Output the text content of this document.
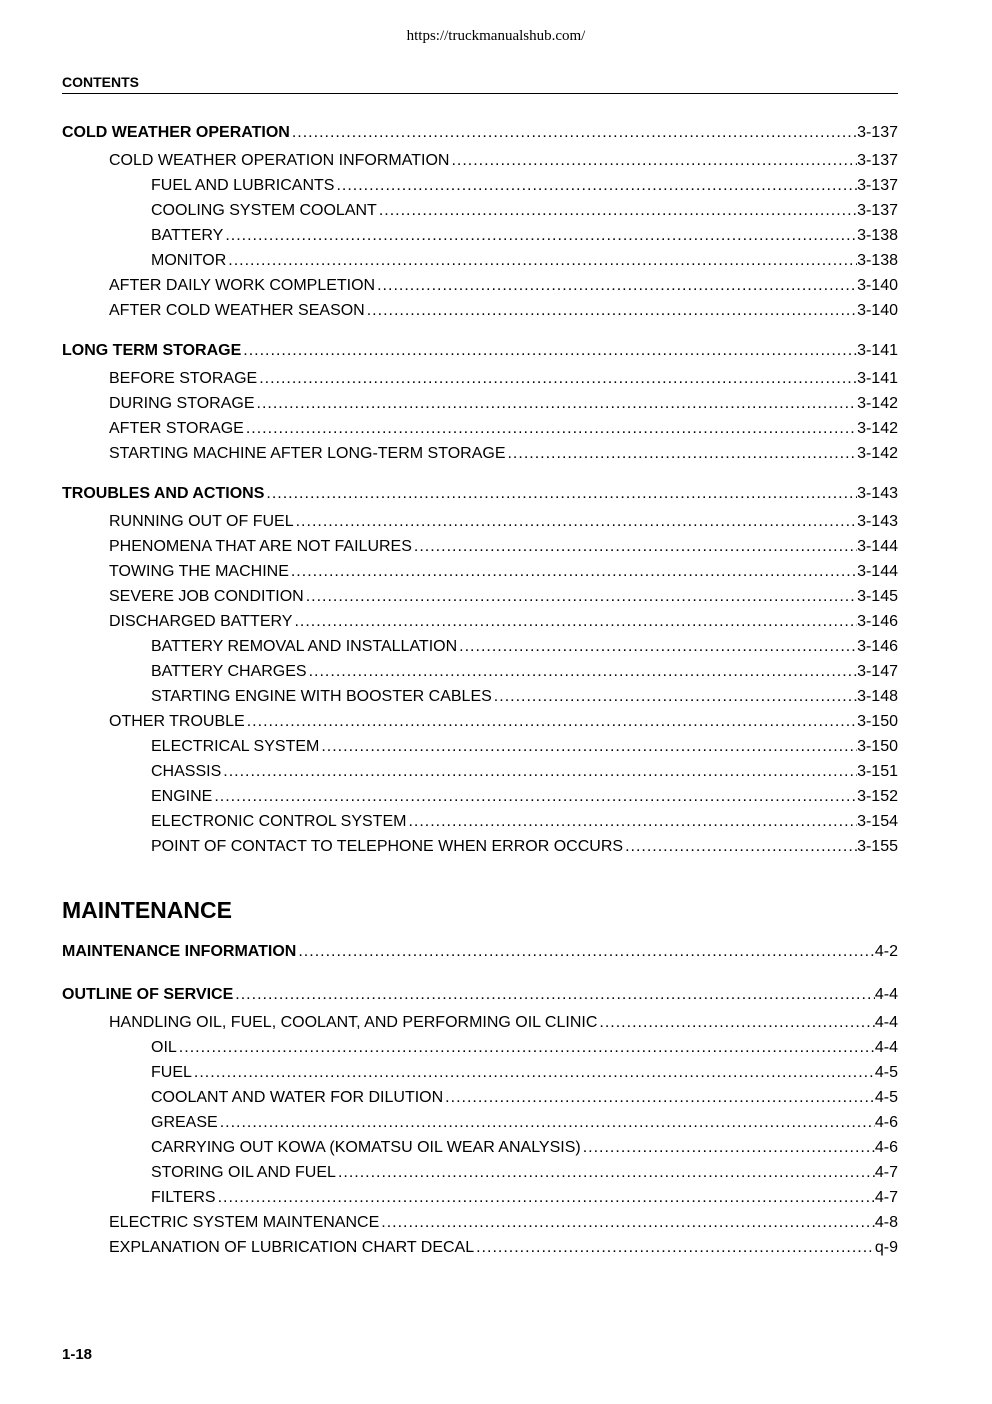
https://truckmanualshub.com/
CONTENTS
COLD WEATHER OPERATION .....	3-137
COLD WEATHER OPERATION INFORMATION .....	3-137
FUEL AND LUBRICANTS .....	3-137
COOLING SYSTEM COOLANT .....	3-137
BATTERY .....	3-138
MONITOR .....	3-138
AFTER DAILY WORK COMPLETION .....	3-140
AFTER COLD WEATHER SEASON .....	3-140
LONG TERM STORAGE .....	3-141
BEFORE STORAGE .....	3-141
DURING STORAGE .....	3-142
AFTER STORAGE .....	3-142
STARTING MACHINE AFTER LONG-TERM STORAGE .....	3-142
TROUBLES AND ACTIONS .....	3-143
RUNNING OUT OF FUEL .....	3-143
PHENOMENA THAT ARE NOT FAILURES .....	3-144
TOWING THE MACHINE .....	3-144
SEVERE JOB CONDITION .....	3-145
DISCHARGED BATTERY .....	3-146
BATTERY REMOVAL AND INSTALLATION .....	3-146
BATTERY CHARGES .....	3-147
STARTING ENGINE WITH BOOSTER CABLES .....	3-148
OTHER TROUBLE .....	3-150
ELECTRICAL SYSTEM .....	3-150
CHASSIS .....	3-151
ENGINE .....	3-152
ELECTRONIC CONTROL SYSTEM .....	3-154
POINT OF CONTACT TO TELEPHONE WHEN ERROR OCCURS .....	3-155
MAINTENANCE
MAINTENANCE INFORMATION .....	4-2
OUTLINE OF SERVICE .....	4-4
HANDLING OIL, FUEL, COOLANT, AND PERFORMING OIL CLINIC .....	4-4
OIL .....	4-4
FUEL .....	4-5
COOLANT AND WATER FOR DILUTION .....	4-5
GREASE .....	4-6
CARRYING OUT KOWA (KOMATSU OIL WEAR ANALYSIS) .....	4-6
STORING OIL AND FUEL .....	4-7
FILTERS .....	4-7
ELECTRIC SYSTEM MAINTENANCE .....	4-8
EXPLANATION OF LUBRICATION CHART DECAL .....	q-9
1-18
